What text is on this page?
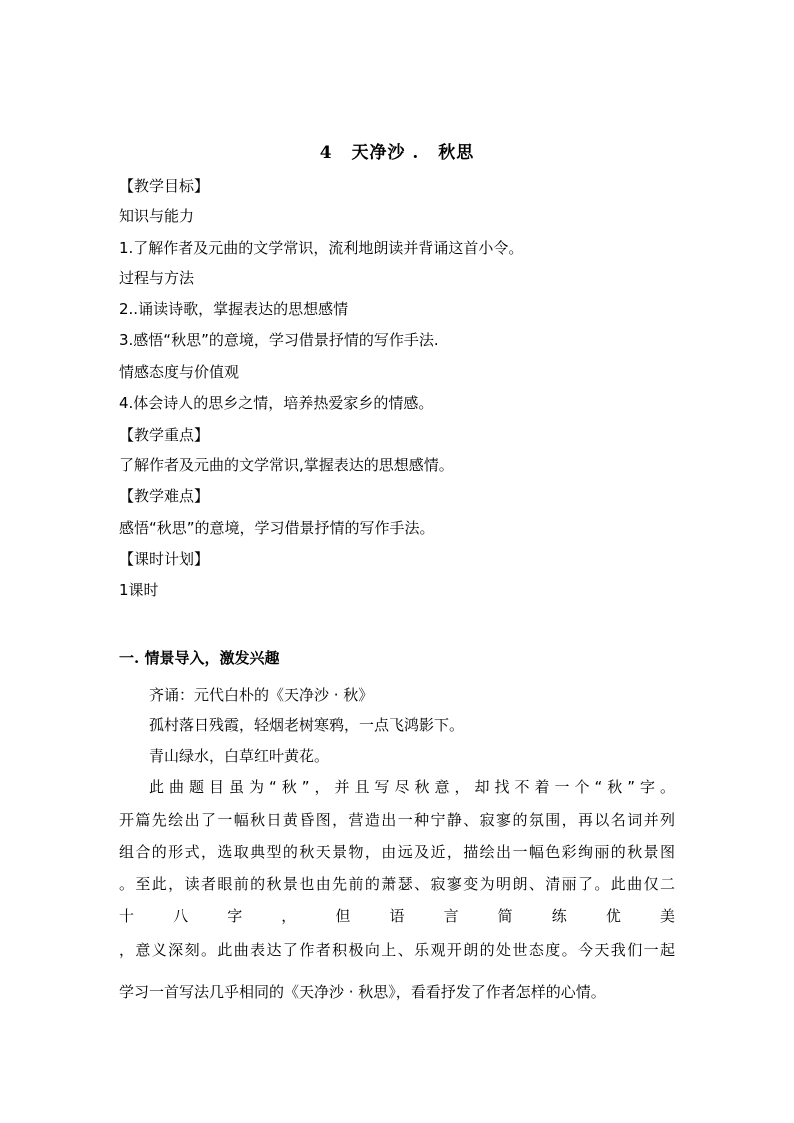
4 天净沙 . 秋思
【教学目标】
知识与能力
1.了解作者及元曲的文学常识，流利地朗读并背诵这首小令。
过程与方法
2..诵读诗歌，掌握表达的思想感情
3.感悟“秋思”的意境，学习借景抒情的写作手法.
情感态度与价值观
4.体会诗人的思乡之情，培养热爱家乡的情感。
【教学重点】
了解作者及元曲的文学常识,掌握表达的思想感情。
【教学难点】
感悟“秋思”的意境，学习借景抒情的写作手法。
【课时计划】
1课时
一. 情景导入，激发兴趣
齐诵：元代白朴的《天净沙 · 秋》
孤村落日残霞，轻烟老树寒鸦，一点飞鸿影下。
青山绿水，白草红叶黄花。
此曲题目虽为“秋”，并且写尽秋意，却找不着一个“秋”字。
开篇先绘出了一幅秋日黄昏图，营造出一种宁静、寂寥的氛围，再以名词并列
组合的形式，选取典型的秋天景物，由远及近，描绘出一幅色彩绚丽的秋景图
。至此，读者眼前的秋景也由先前的萧瑟、寂寥变为明朗、清丽了。此曲仅二
十	八	字	，	但	语	言	简	练	优	美
，意义深刻。此曲表达了作者积极向上、乐观开朗的处世态度。今天我们一起
学习一首写法几乎相同的《天净沙 · 秋思》，看看抒发了作者怎样的心情。
